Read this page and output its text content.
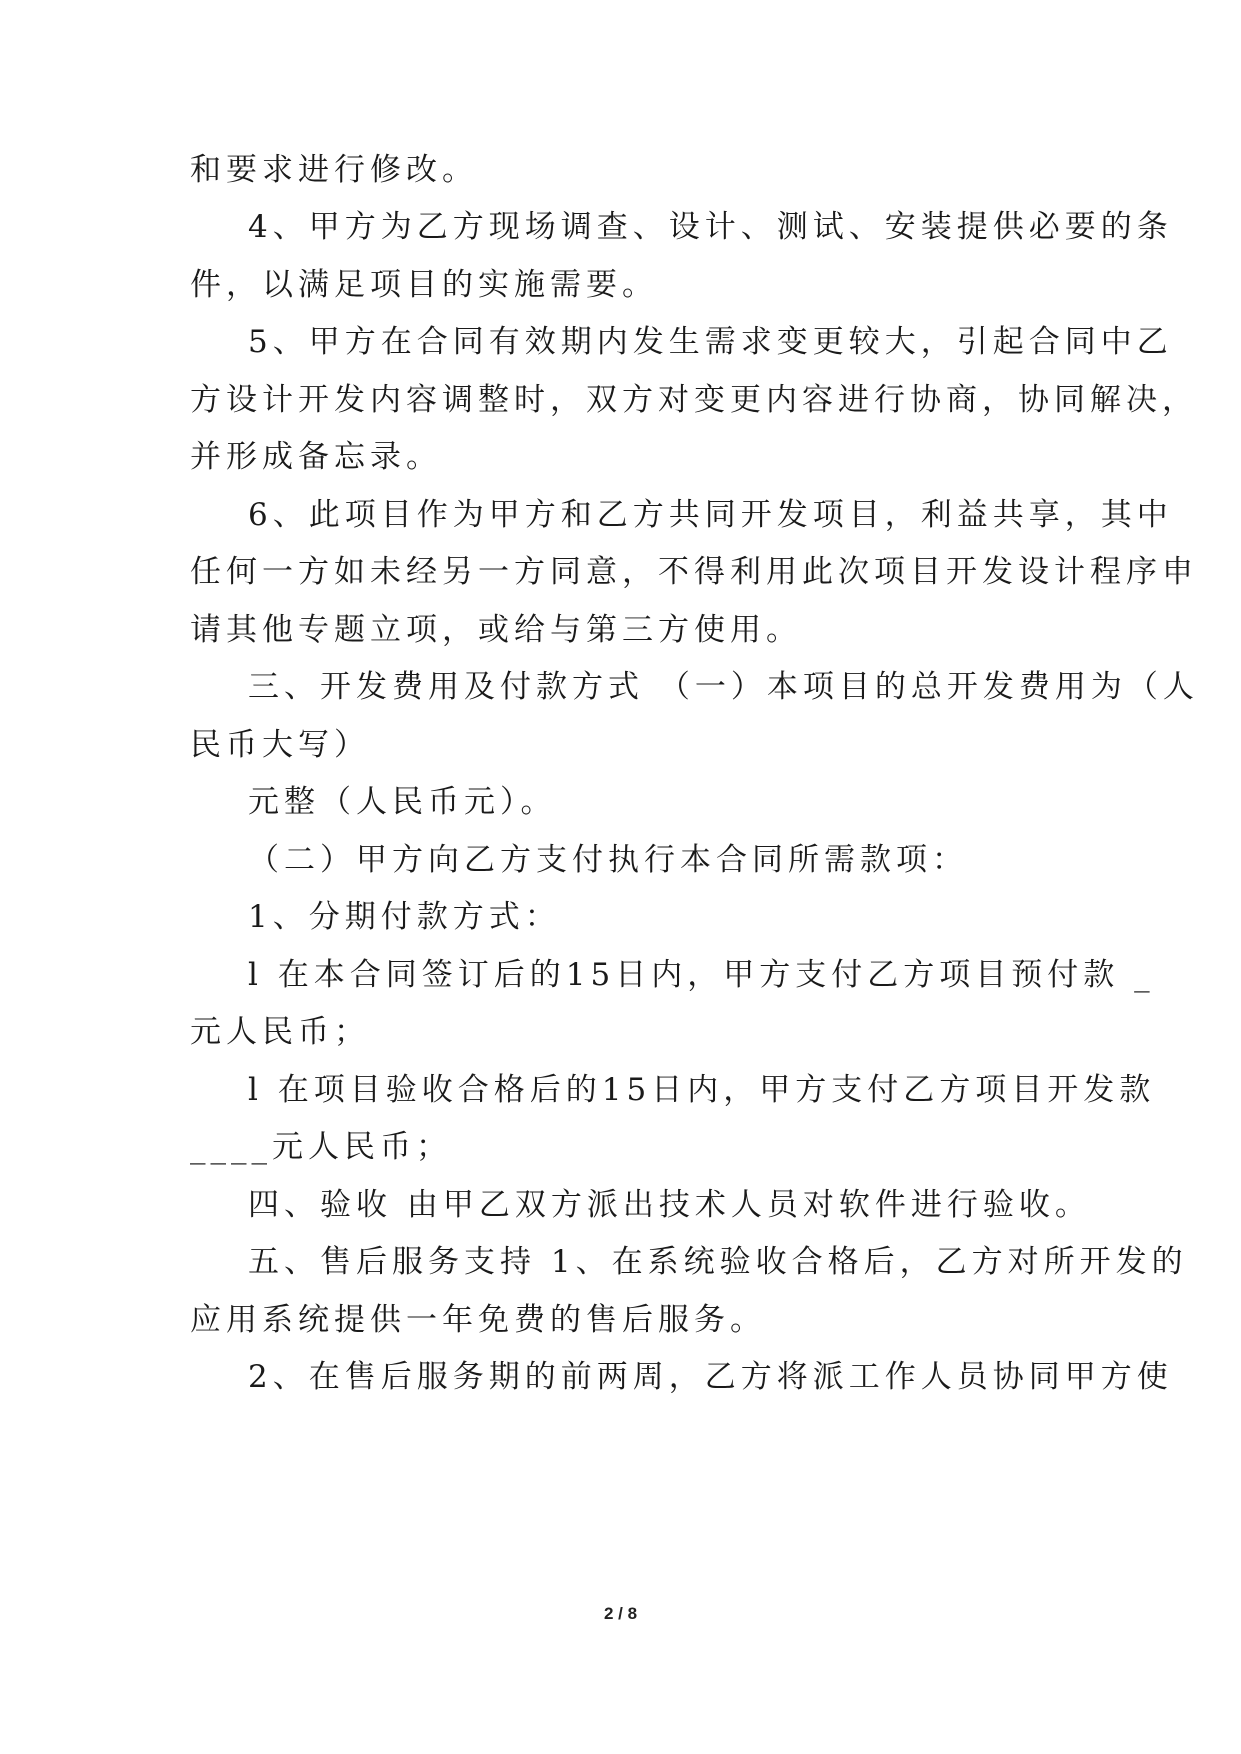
和要求进行修改。
4、甲方为乙方现场调查、设计、测试、安装提供必要的条
件，以满足项目的实施需要。
5、甲方在合同有效期内发生需求变更较大，引起合同中乙
方设计开发内容调整时，双方对变更内容进行协商，协同解决，
并形成备忘录。
6、此项目作为甲方和乙方共同开发项目，利益共享，其中
任何一方如未经另一方同意，不得利用此次项目开发设计程序申
请其他专题立项，或给与第三方使用。
三、开发费用及付款方式 （一）本项目的总开发费用为（人
民币大写）
元整（人民币元）。
（二）甲方向乙方支付执行本合同所需款项：
1、分期付款方式：
l 在本合同签订后的15日内，甲方支付乙方项目预付款 _
元人民币；
l 在项目验收合格后的15日内，甲方支付乙方项目开发款
____元人民币；
四、验收 由甲乙双方派出技术人员对软件进行验收。
五、售后服务支持 1、在系统验收合格后，乙方对所开发的
应用系统提供一年免费的售后服务。
2、在售后服务期的前两周，乙方将派工作人员协同甲方使
2 / 8
